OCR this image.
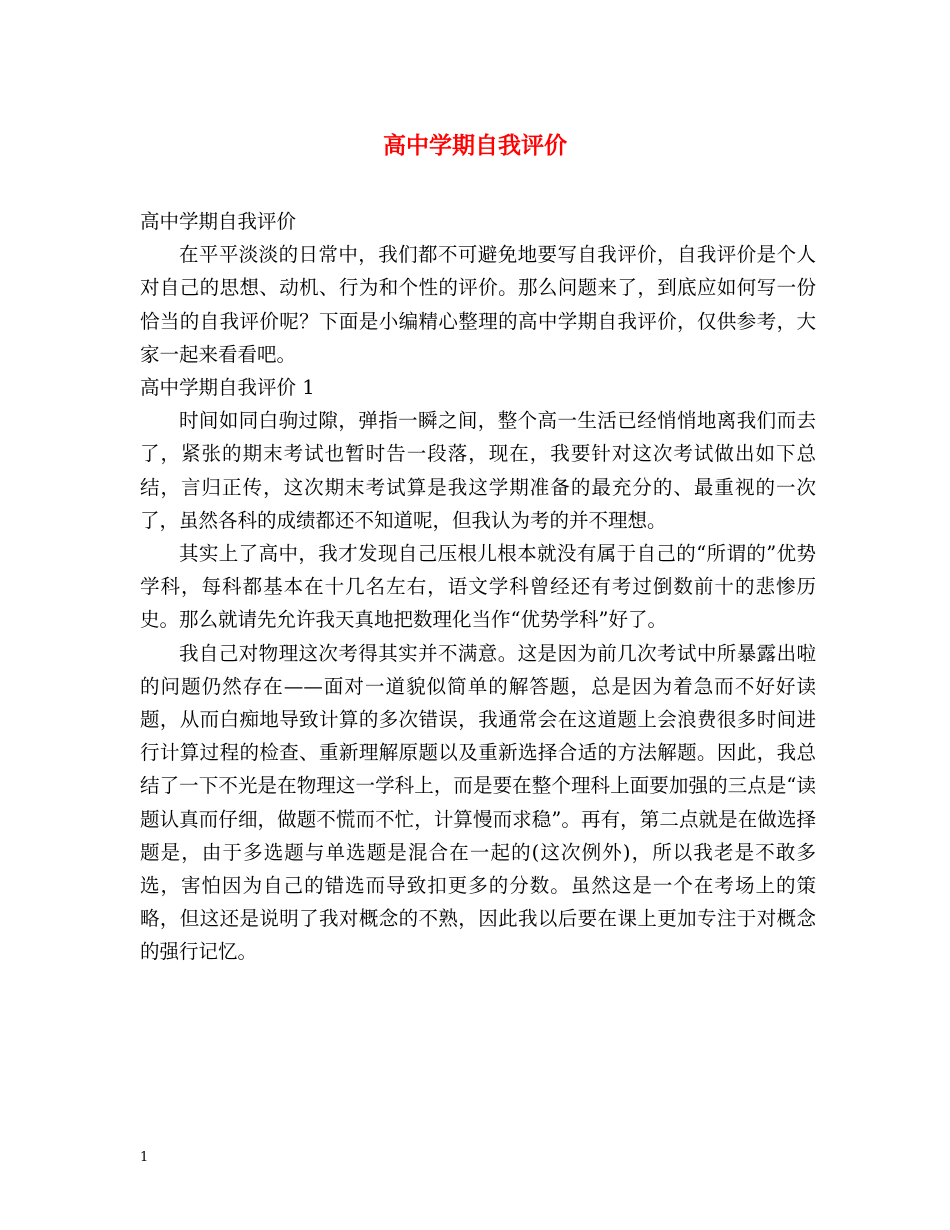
高中学期自我评价

高中学期自我评价

在平平淡淡的日常中，我们都不可避免地要写自我评价，自我评价是个人对自己的思想、动机、行为和个性的评价。那么问题来了，到底应如何写一份恰当的自我评价呢？下面是小编精心整理的高中学期自我评价，仅供参考，大家一起来看看吧。

高中学期自我评价 1

时间如同白驹过隙，弹指一瞬之间，整个高一生活已经悄悄地离我们而去了，紧张的期末考试也暂时告一段落，现在，我要针对这次考试做出如下总结，言归正传，这次期末考试算是我这学期准备的最充分的、最重视的一次了，虽然各科的成绩都还不知道呢，但我认为考的并不理想。

其实上了高中，我才发现自己压根儿根本就没有属于自己的“所谓的”优势学科，每科都基本在十几名左右，语文学科曾经还有考过倒数前十的悲惨历史。那么就请先允许我天真地把数理化当作“优势学科”好了。

我自己对物理这次考得其实并不满意。这是因为前几次考试中所暴露出啦的问题仍然存在——面对一道貌似简单的解答题，总是因为着急而不好好读题，从而白痴地导致计算的多次错误，我通常会在这道题上会浪费很多时间进行计算过程的检查、重新理解原题以及重新选择合适的方法解题。因此，我总结了一下不光是在物理这一学科上，而是要在整个理科上面要加强的三点是“读题认真而仔细，做题不慌而不忙，计算慢而求稳”。再有，第二点就是在做选择题是，由于多选题与单选题是混合在一起的(这次例外)，所以我老是不敢多选，害怕因为自己的错选而导致扣更多的分数。虽然这是一个在考场上的策略，但这还是说明了我对概念的不熟，因此我以后要在课上更加专注于对概念的强行记忆。

1
